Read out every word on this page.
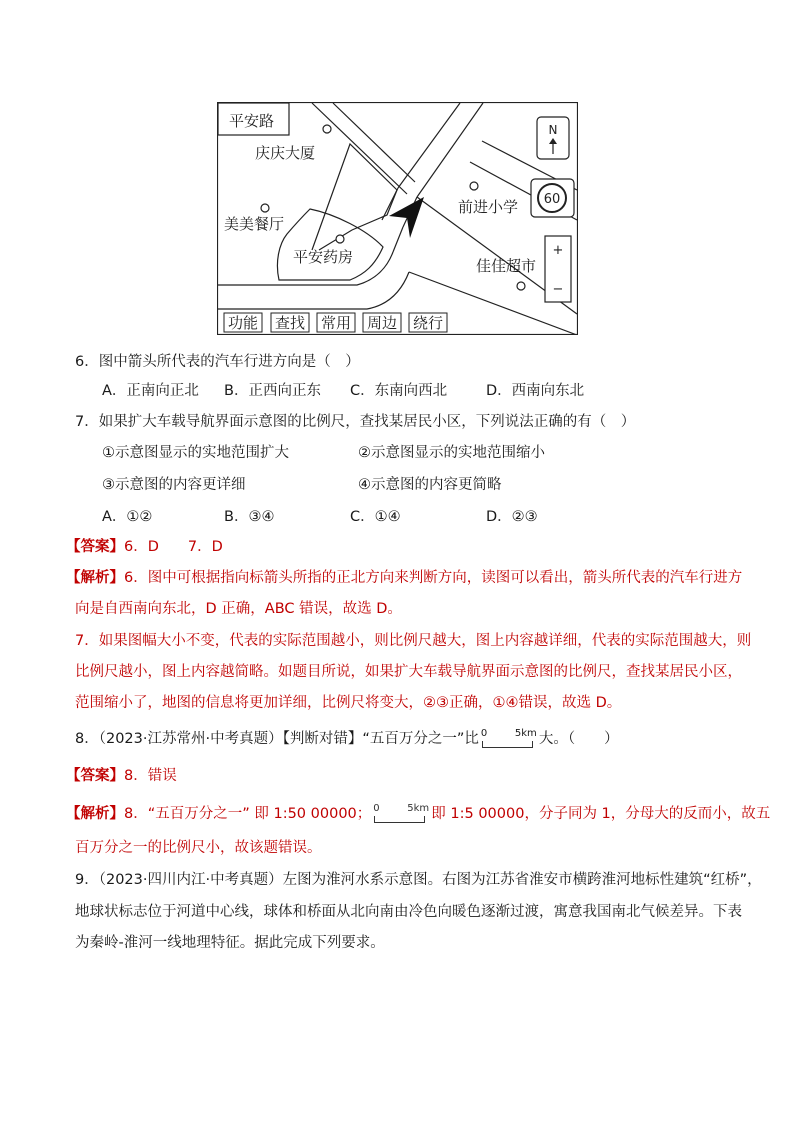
平安路
庆庆大厦
美美餐厅
平安药房
前进小学
佳佳超市
N
60
+
−
功能 查找 常用 周边 绕行
6．图中箭头所代表的汽车行进方向是（　）
A．正南向正北 B．正西向正东 C．东南向西北	D．西南向东北
7．如果扩大车载导航界面示意图的比例尺，查找某居民小区，下列说法正确的有（　）
①示意图显示的实地范围扩大	②示意图显示的实地范围缩小
③示意图的内容更详细	④示意图的内容更简略
A．①②	B．③④	C．①④	D．②③
【答案】6．D　　7．D
【解析】6．图中可根据指向标箭头所指的正北方向来判断方向，读图可以看出，箭头所代表的汽车行进方
向是自西南向东北，D 正确，ABC 错误，故选 D。
7．如果图幅大小不变，代表的实际范围越小，则比例尺越大，图上内容越详细，代表的实际范围越大，则
比例尺越小，图上内容越简略。如题目所说，如果扩大车载导航界面示意图的比例尺，查找某居民小区，
范围缩小了，地图的信息将更加详细，比例尺将变大，②③正确，①④错误，故选 D。
8．（2023·江苏常州·中考真题）【判断对错】“五百万分之一”比 0	5km 大。（　　）
【答案】8．错误
【解析】8．“五百万分之一” 即 1:50 00000； 0	5km 即 1:5 00000，分子同为 1，分母大的反而小，故五
百万分之一的比例尺小，故该题错误。
9．（2023·四川内江·中考真题）左图为淮河水系示意图。右图为江苏省淮安市横跨淮河地标性建筑“红桥”，
地球状标志位于河道中心线，球体和桥面从北向南由冷色向暖色逐渐过渡，寓意我国南北气候差异。下表
为秦岭-淮河一线地理特征。据此完成下列要求。
